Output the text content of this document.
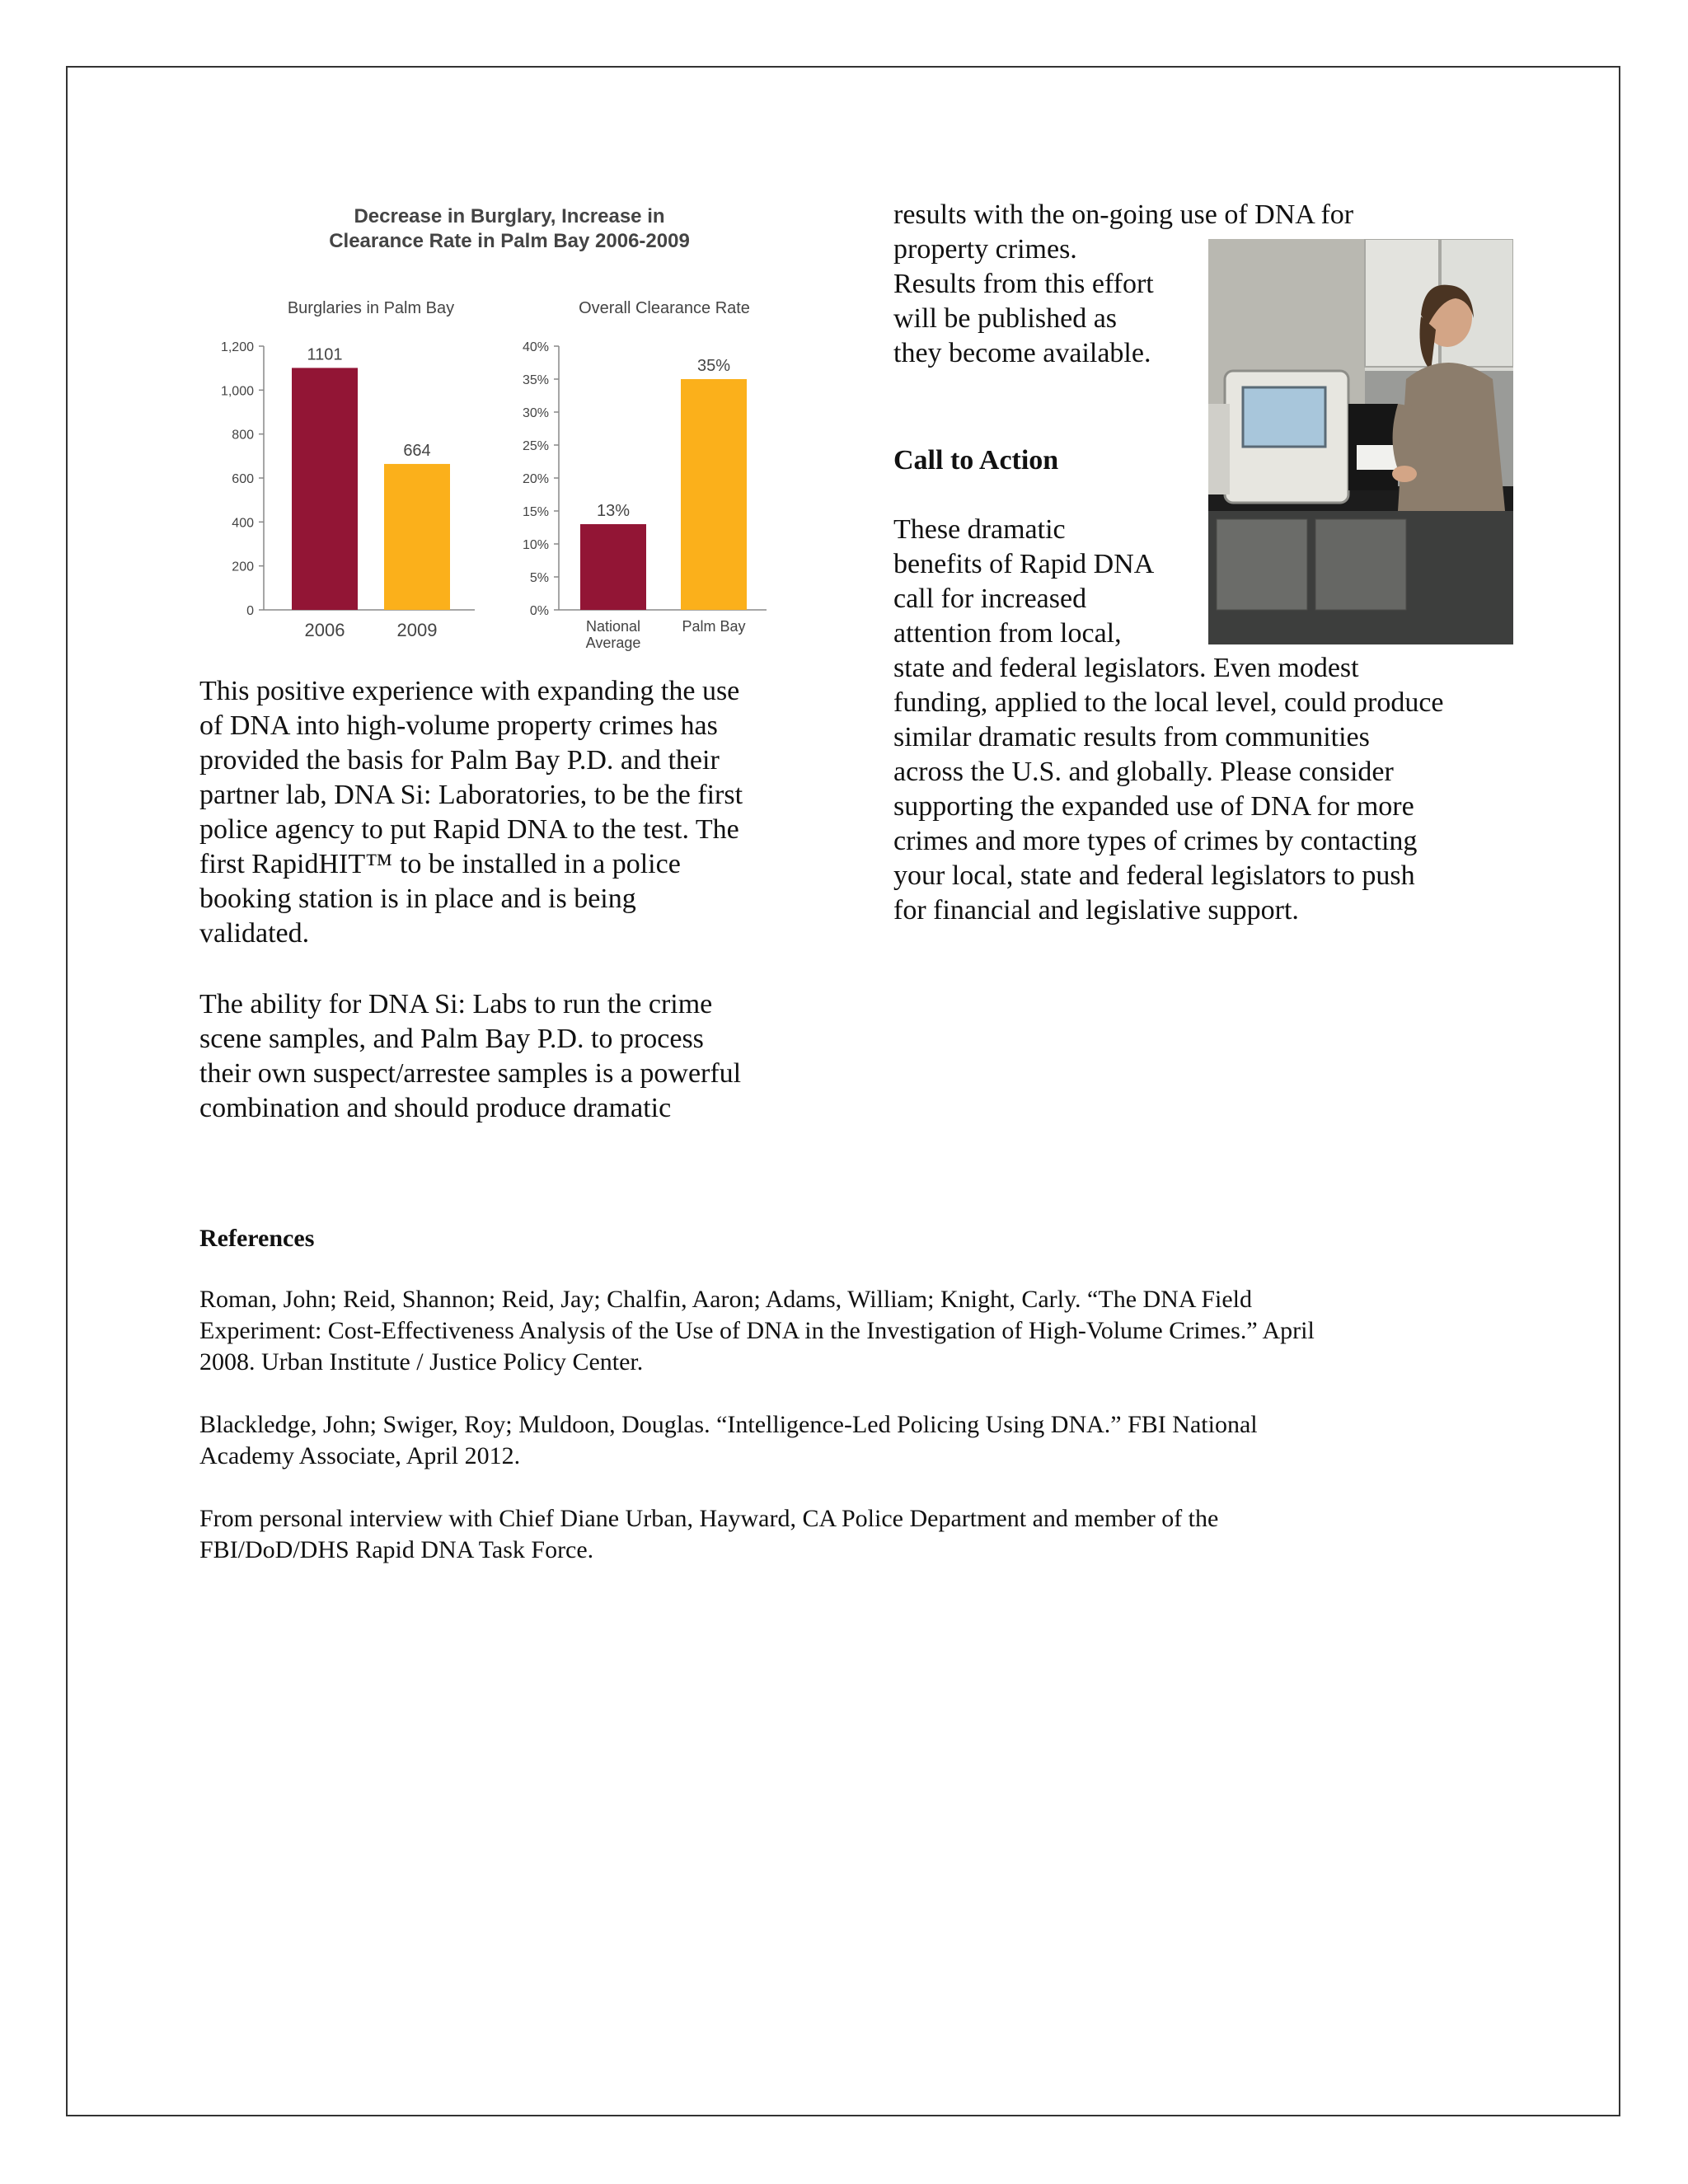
Decrease in Burglary, Increase in
Clearance Rate in Palm Bay 2006-2009
Burglaries in Palm Bay
0
200
400
600
800
1,000
1,200	1101
2006
664
2009
Overall Clearance Rate
0%
5%
10%
15%
20%
25%
30%
35%
40%
13%
National
Average
35%
Palm Bay

This positive experience with expanding the use
of DNA into high-volume property crimes has
provided the basis for Palm Bay P.D. and their
partner lab, DNA Si: Laboratories, to be the first
police agency to put Rapid DNA to the test. The
first RapidHIT™ to be installed in a police
booking station is in place and is being
validated.

The ability for DNA Si: Labs to run the crime
scene samples, and Palm Bay P.D. to process
their own suspect/arrestee samples is a powerful
combination and should produce dramatic

results with the on-going use of DNA for
property crimes.
Results from this effort
will be published as
they become available.

Call to Action

These dramatic
benefits of Rapid DNA
call for increased
attention from local,
state and federal legislators. Even modest
funding, applied to the local level, could produce
similar dramatic results from communities
across the U.S. and globally. Please consider
supporting the expanded use of DNA for more
crimes and more types of crimes by contacting
your local, state and federal legislators to push
for financial and legislative support.

References

Roman, John; Reid, Shannon; Reid, Jay; Chalfin, Aaron; Adams, William; Knight, Carly. “The DNA Field
Experiment: Cost-Effectiveness Analysis of the Use of DNA in the Investigation of High-Volume Crimes.” April
2008. Urban Institute / Justice Policy Center.

Blackledge, John; Swiger, Roy; Muldoon, Douglas. “Intelligence-Led Policing Using DNA.” FBI National
Academy Associate, April 2012.

From personal interview with Chief Diane Urban, Hayward, CA Police Department and member of the
FBI/DoD/DHS Rapid DNA Task Force.
